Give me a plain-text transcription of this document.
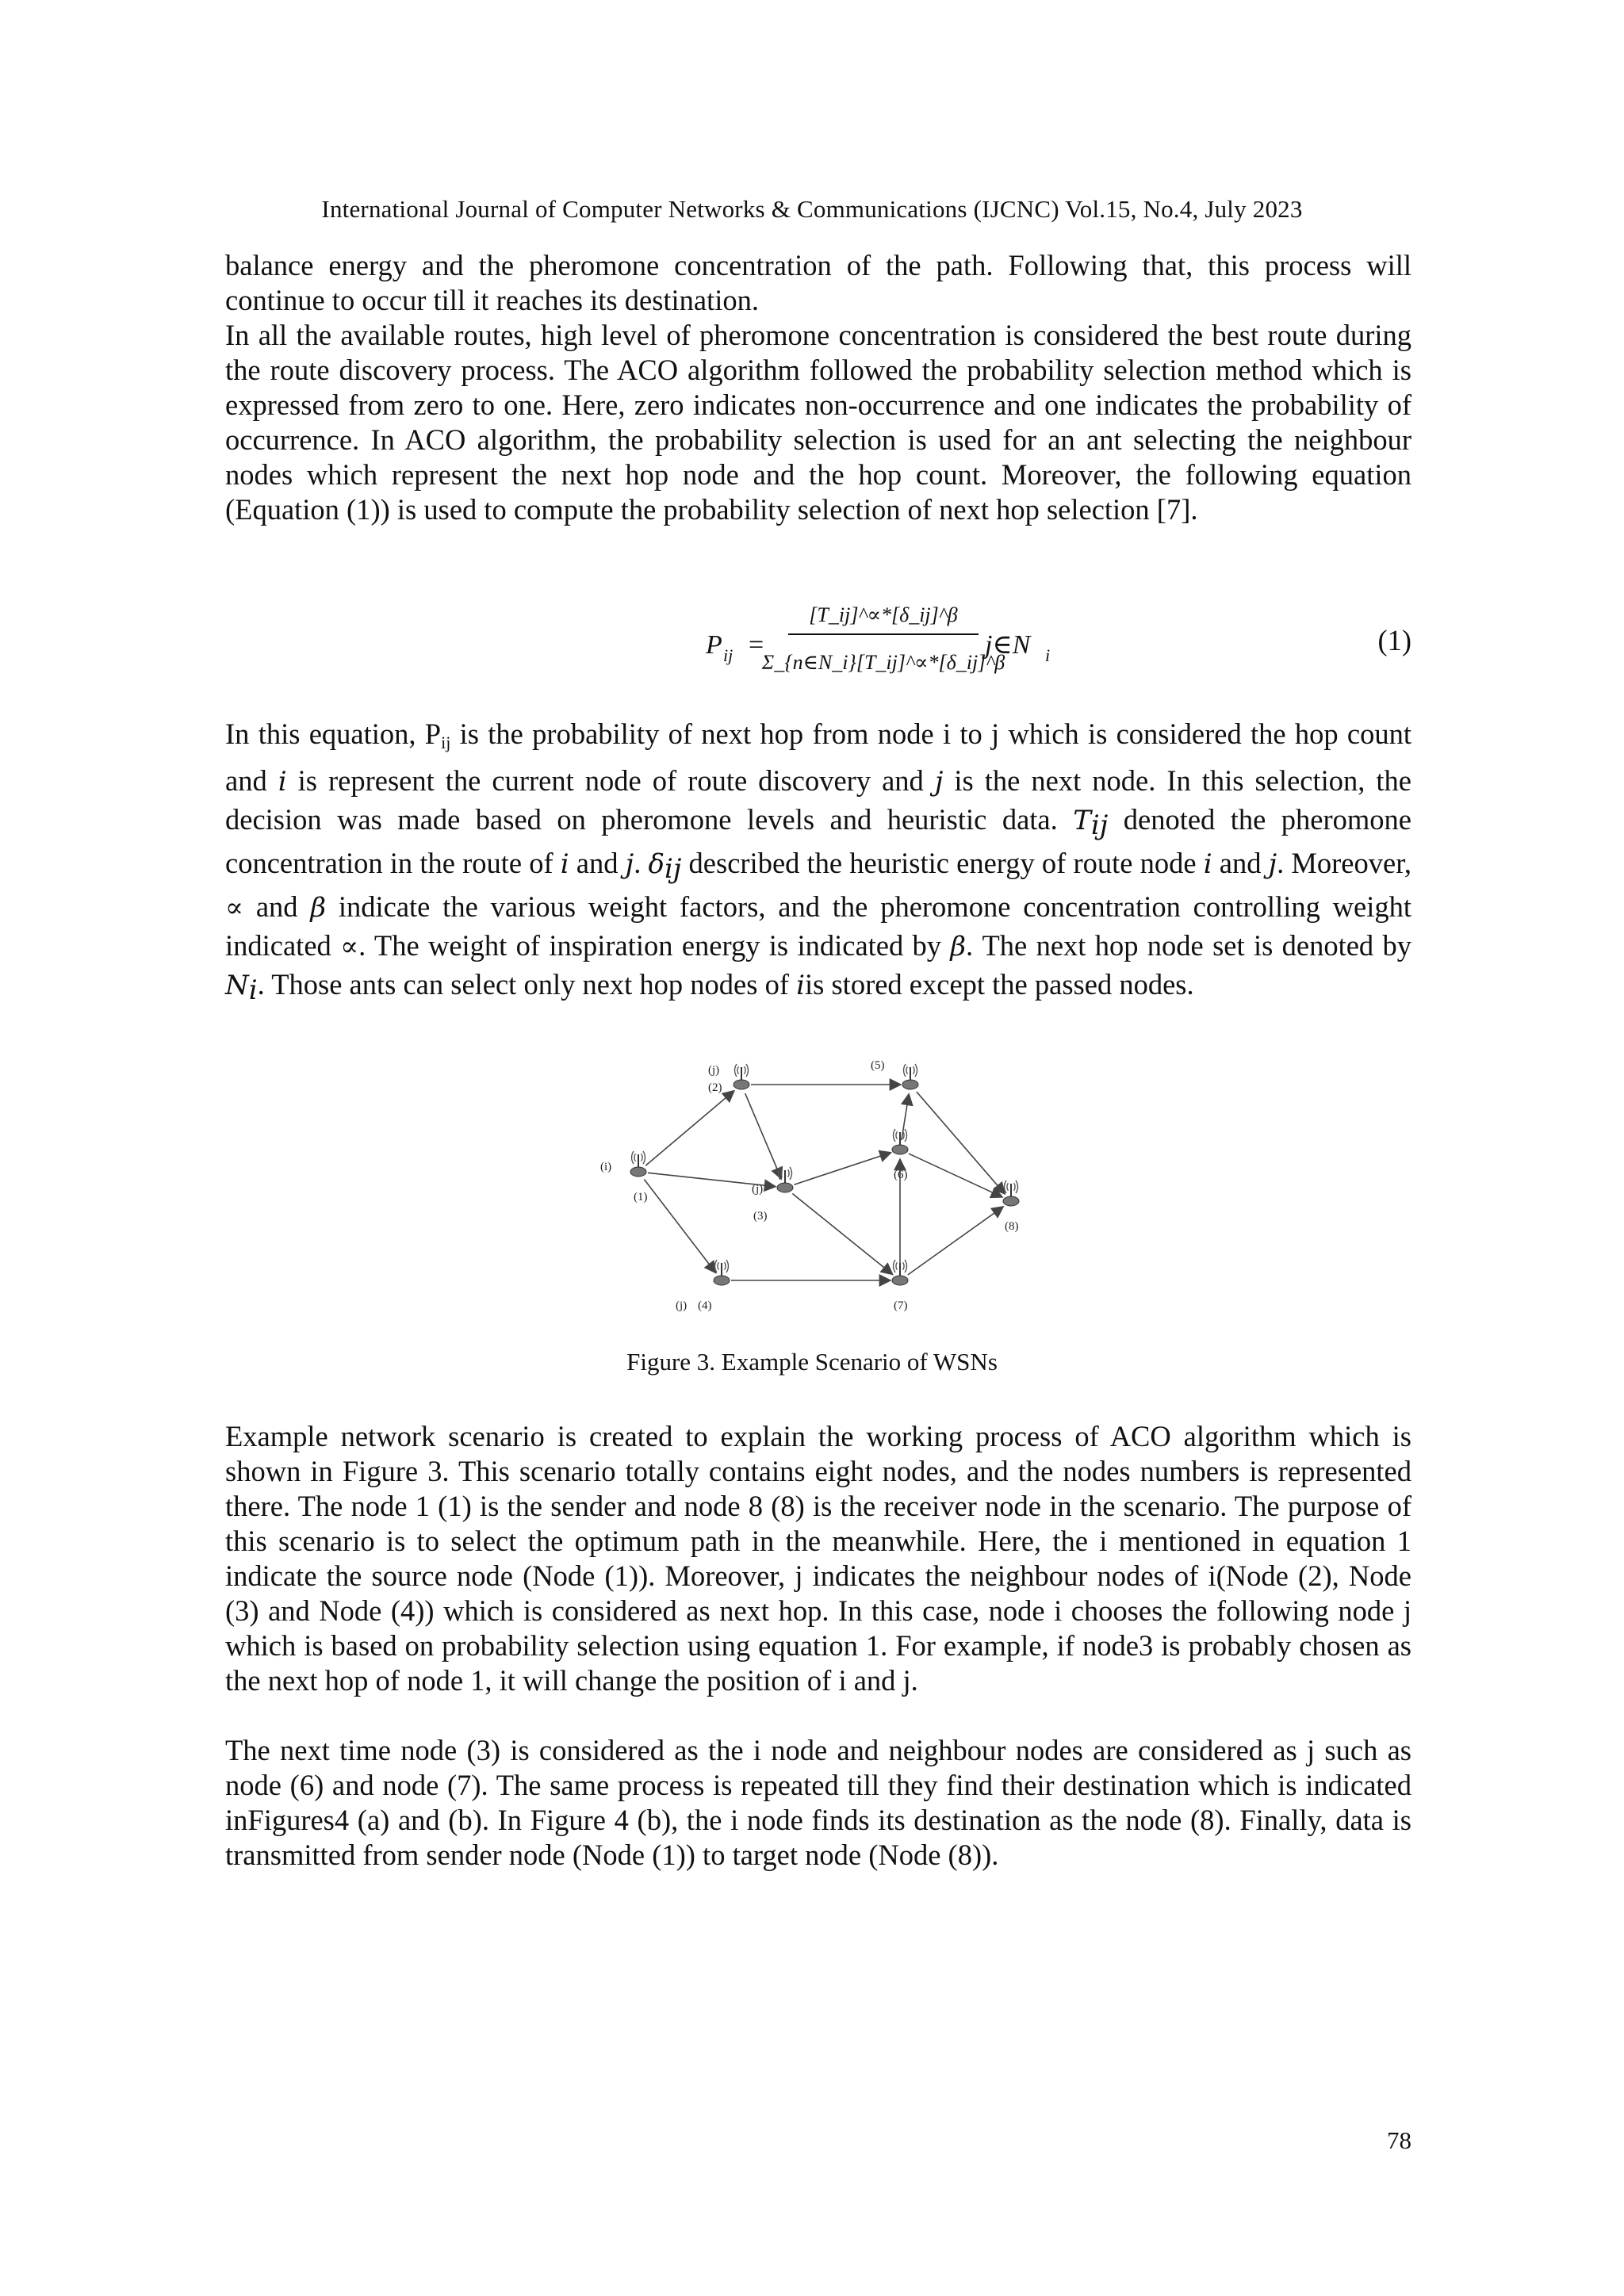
International Journal of Computer Networks & Communications (IJCNC) Vol.15, No.4, July 2023

balance energy and the pheromone concentration of the path. Following that, this process will continue to occur till it reaches its destination.

In all the available routes, high level of pheromone concentration is considered the best route during the route discovery process. The ACO algorithm followed the probability selection method which is expressed from zero to one. Here, zero indicates non-occurrence and one indicates the probability of occurrence. In ACO algorithm, the probability selection is used for an ant selecting the neighbour nodes which represent the next hop node and the hop count. Moreover, the following equation (Equation (1)) is used to compute the probability selection of next hop selection [7].

P ij =
[T_ij]^∝*[δ_ij]^β
Σ_{n∈N_i}[T_ij]^∝*[δ_ij]^β
j∈N i	(1)

In this equation, $P_{ij}$ is the probability of next hop from node i to j which is considered the hop count and i is represent the current node of route discovery and j is the next node. In this selection, the decision was made based on pheromone levels and heuristic data. Tij denoted the pheromone concentration in the route of i and j. δij described the heuristic energy of route node i and j. Moreover, ∝ and β indicate the various weight factors, and the pheromone concentration controlling weight indicated ∝. The weight of inspiration energy is indicated by β. The next hop node set is denoted by Ni. Those ants can select only next hop nodes of iis stored except the passed nodes.

(1)
(i)
(2)
(j)
(3)
(j)
(4)
(j)
(5)
(6)
(7)
(8)
Figure 3. Example Scenario of WSNs

Example network scenario is created to explain the working process of ACO algorithm which is shown in Figure 3. This scenario totally contains eight nodes, and the nodes numbers is represented there. The node 1 (1) is the sender and node 8 (8) is the receiver node in the scenario. The purpose of this scenario is to select the optimum path in the meanwhile. Here, the i mentioned in equation 1 indicate the source node (Node (1)). Moreover, j indicates the neighbour nodes of i(Node (2), Node (3) and Node (4)) which is considered as next hop. In this case, node i chooses the following node j which is based on probability selection using equation 1. For example, if node3 is probably chosen as the next hop of node 1, it will change the position of i and j.

The next time node (3) is considered as the i node and neighbour nodes are considered as j such as node (6) and node (7). The same process is repeated till they find their destination which is indicated inFigures4 (a) and (b). In Figure 4 (b), the i node finds its destination as the node (8). Finally, data is transmitted from sender node (Node (1)) to target node (Node (8)).

78
